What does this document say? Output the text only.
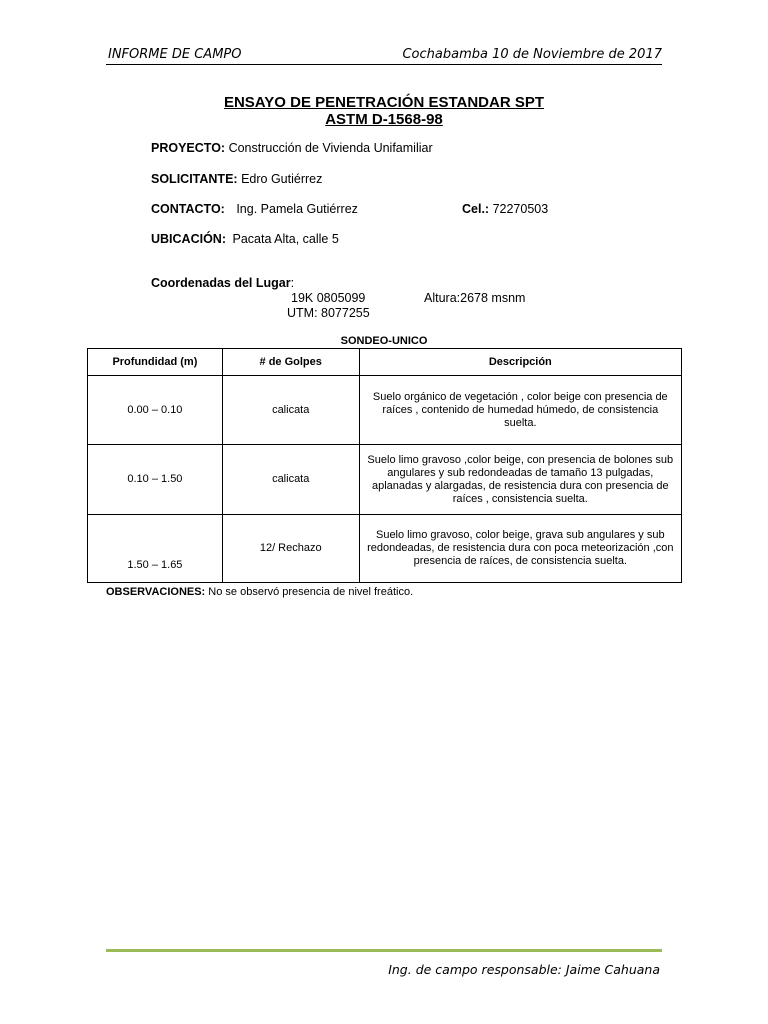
INFORME DE CAMPO	Cochabamba 10 de Noviembre de 2017
ENSAYO DE PENETRACIÓN ESTANDAR SPT
ASTM D-1568-98
PROYECTO: Construcción de Vivienda Unifamiliar
SOLICITANTE: Edro Gutiérrez
CONTACTO: Ing. Pamela Gutiérrez	Cel.: 72270503
UBICACIÓN: Pacata Alta, calle 5
Coordenadas del Lugar:
19K 0805099	Altura:2678 msnm
UTM: 8077255
SONDEO-UNICO
Profundidad (m)	# de Golpes	Descripción
0.00 – 0.10	calicata	Suelo orgánico de vegetación , color beige con presencia de raíces , contenido de humedad húmedo, de consistencia suelta.
0.10 – 1.50	calicata	Suelo limo gravoso ,color beige, con presencia de bolones sub angulares y sub redondeadas de tamaño 13 pulgadas, aplanadas y alargadas, de resistencia dura con presencia de raíces , consistencia suelta.
1.50 – 1.65	12/ Rechazo	Suelo limo gravoso, color beige, grava sub angulares y sub redondeadas, de resistencia dura con poca meteorización ,con presencia de raíces, de consistencia suelta.
OBSERVACIONES: No se observó presencia de nivel freático.
Ing. de campo responsable: Jaime Cahuana
